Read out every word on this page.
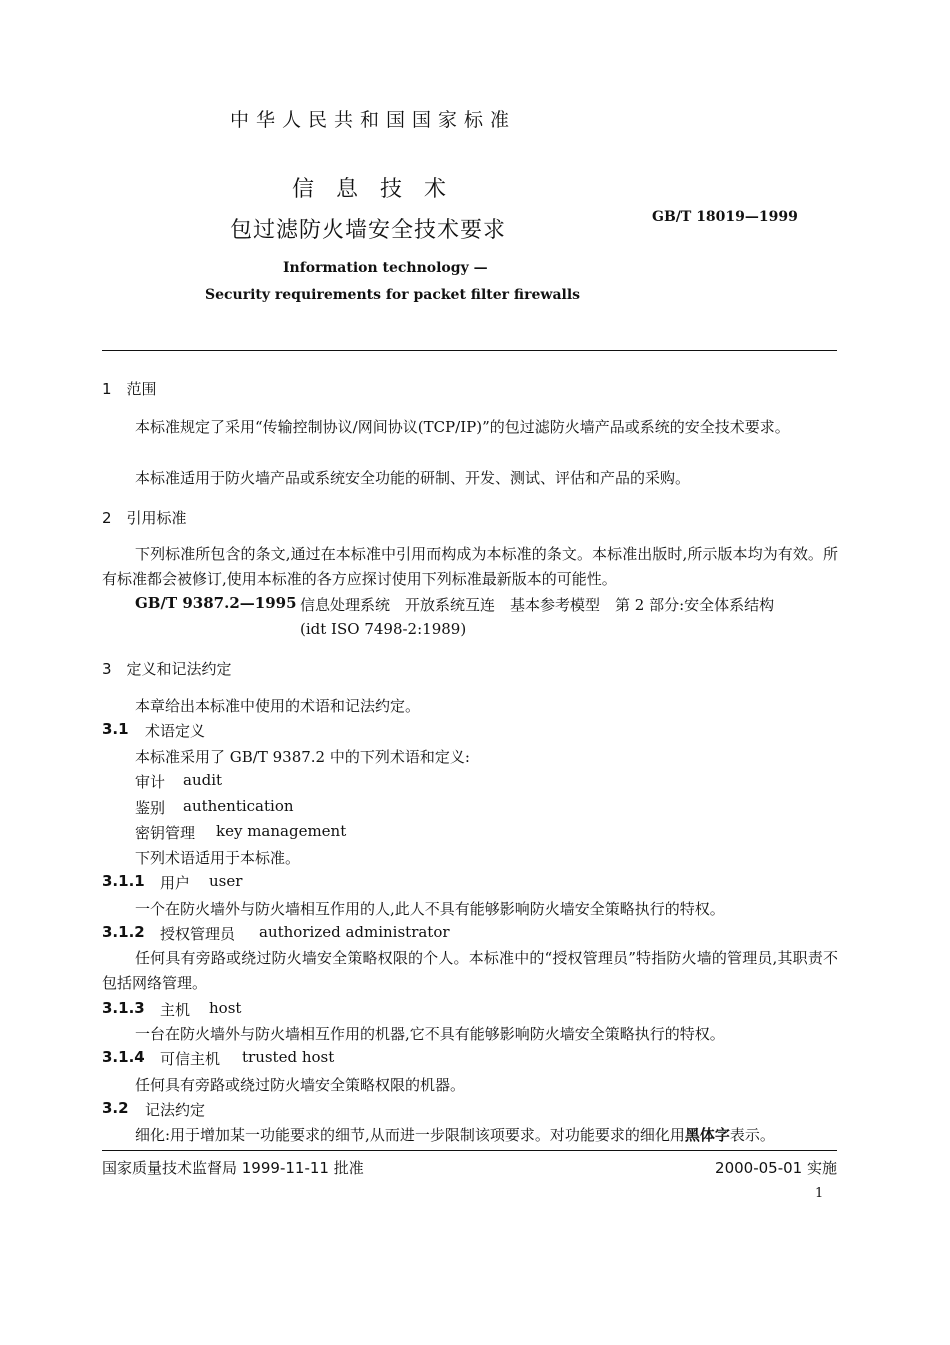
中华人民共和国国家标准
信息技术
包过滤防火墙安全技术要求
GB/T 18019—1999
Information technology —
Security requirements for packet filter firewalls
1　范围
本标准规定了采用“传输控制协议/网间协议(TCP/IP)”的包过滤防火墙产品或系统的安全技术要求。
本标准适用于防火墙产品或系统安全功能的研制、开发、测试、评估和产品的采购。
2　引用标准
下列标准所包含的条文,通过在本标准中引用而构成为本标准的条文。本标准出版时,所示版本均为有效。所有标准都会被修订,使用本标准的各方应探讨使用下列标准最新版本的可能性。
GB/T 9387.2—1995 信息处理系统　开放系统互连　基本参考模型　第 2 部分:安全体系结构
(idt ISO 7498-2:1989)
3　定义和记法约定
本章给出本标准中使用的术语和记法约定。
3.1 术语定义
本标准采用了 GB/T 9387.2 中的下列术语和定义:
审计 audit
鉴别 authentication
密钥管理 key management
下列术语适用于本标准。
3.1.1 用户 user
一个在防火墙外与防火墙相互作用的人,此人不具有能够影响防火墙安全策略执行的特权。
3.1.2 授权管理员 authorized administrator
任何具有旁路或绕过防火墙安全策略权限的个人。本标准中的“授权管理员”特指防火墙的管理员,其职责不包括网络管理。
3.1.3 主机 host
一台在防火墙外与防火墙相互作用的机器,它不具有能够影响防火墙安全策略执行的特权。
3.1.4 可信主机 trusted host
任何具有旁路或绕过防火墙安全策略权限的机器。
3.2 记法约定
细化:用于增加某一功能要求的细节,从而进一步限制该项要求。对功能要求的细化用黑体字表示。
国家质量技术监督局 1999-11-11 批准	2000-05-01 实施
1
